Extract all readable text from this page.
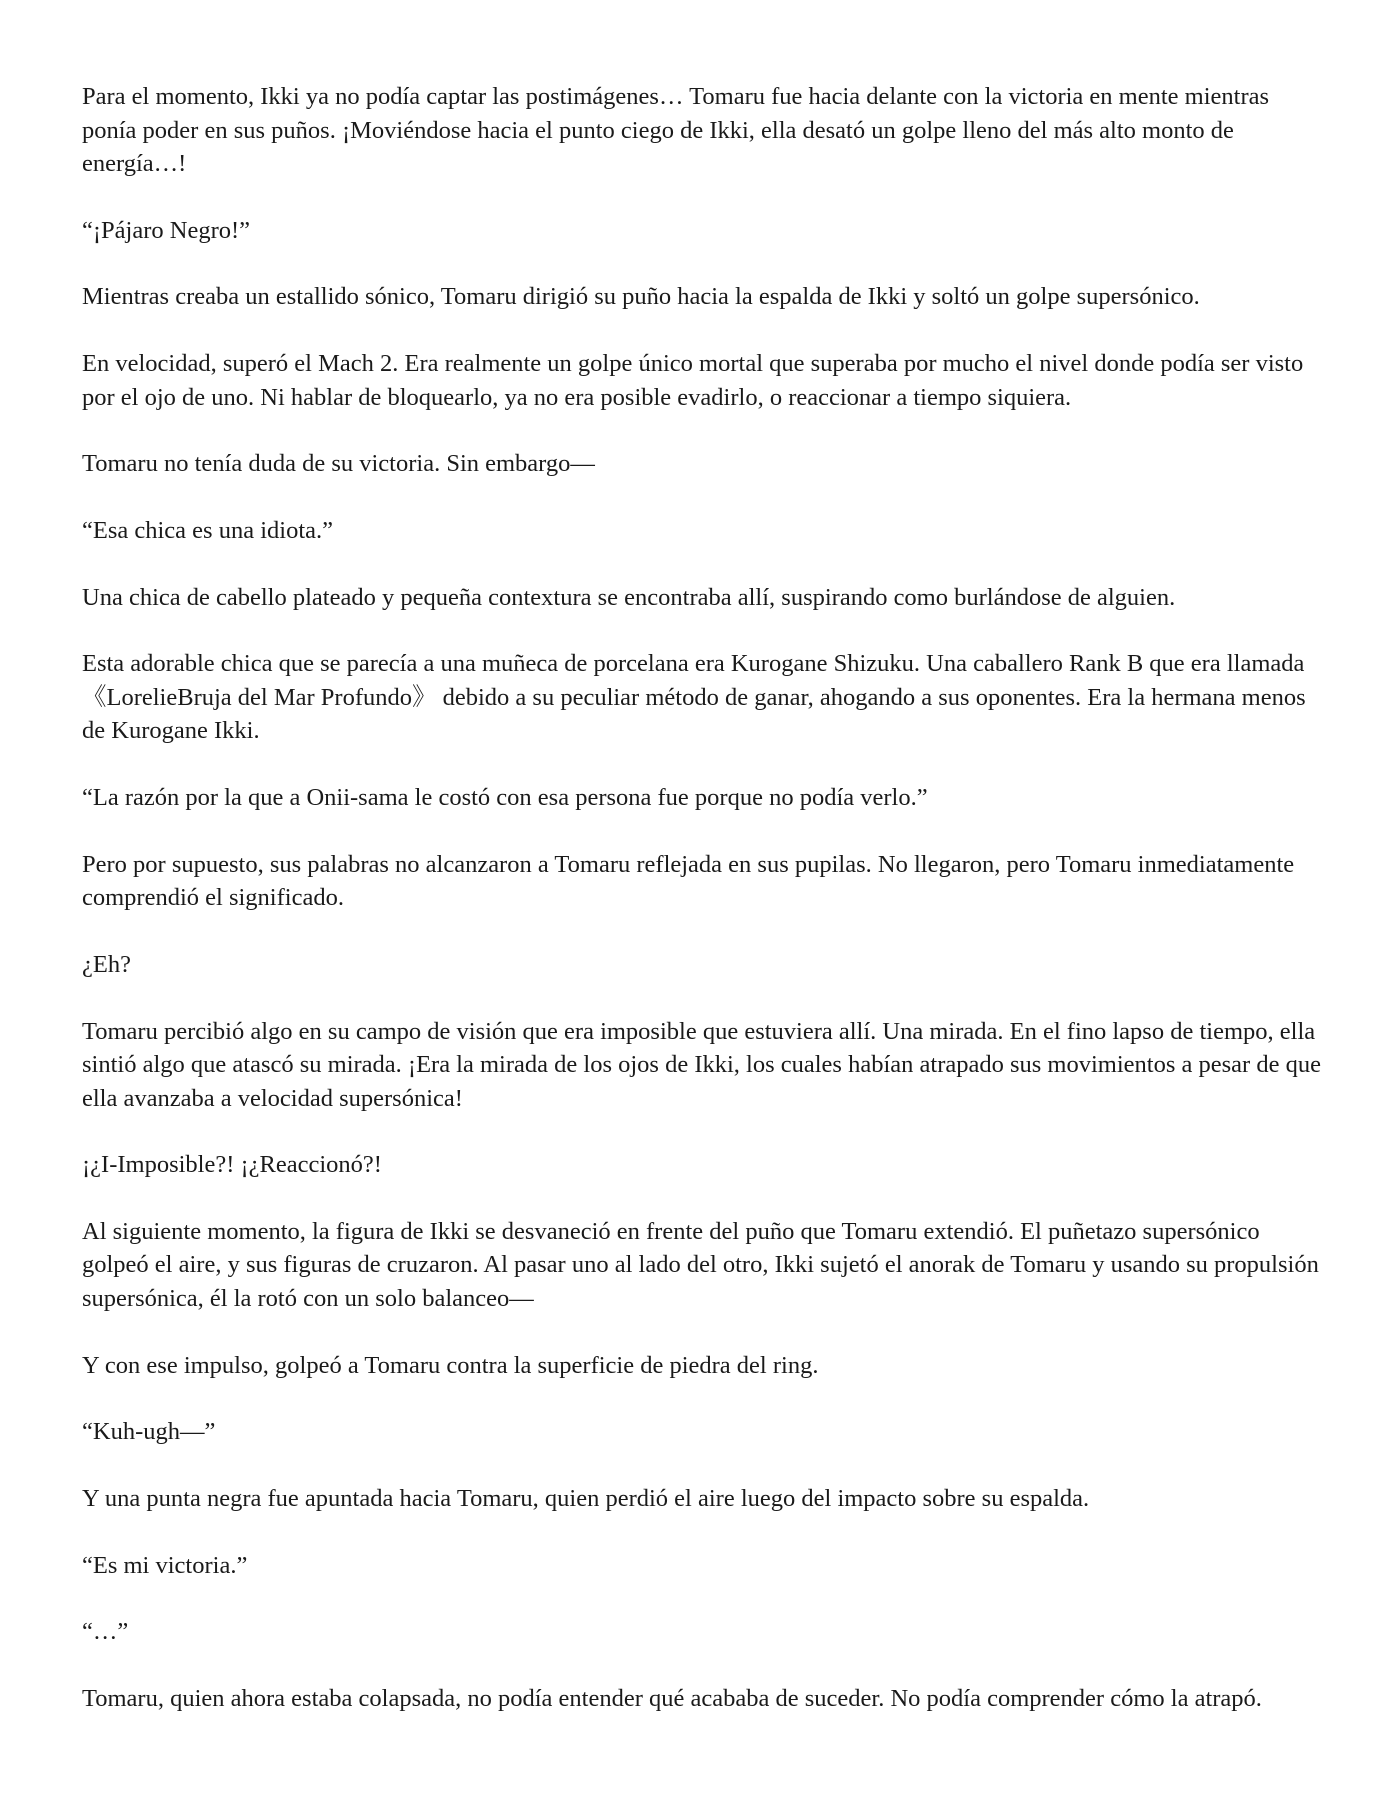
Para el momento, Ikki ya no podía captar las postimágenes… Tomaru fue hacia delante con la victoria en mente mientras ponía poder en sus puños. ¡Moviéndose hacia el punto ciego de Ikki, ella desató un golpe lleno del más alto monto de energía…!

“¡Pájaro Negro!”

Mientras creaba un estallido sónico, Tomaru dirigió su puño hacia la espalda de Ikki y soltó un golpe supersónico.

En velocidad, superó el Mach 2. Era realmente un golpe único mortal que superaba por mucho el nivel donde podía ser visto por el ojo de uno. Ni hablar de bloquearlo, ya no era posible evadirlo, o reaccionar a tiempo siquiera.

Tomaru no tenía duda de su victoria. Sin embargo—

“Esa chica es una idiota.”

Una chica de cabello plateado y pequeña contextura se encontraba allí, suspirando como burlándose de alguien.

Esta adorable chica que se parecía a una muñeca de porcelana era Kurogane Shizuku. Una caballero Rank B que era llamada 《LorelieBruja del Mar Profundo》 debido a su peculiar método de ganar, ahogando a sus oponentes. Era la hermana menos de Kurogane Ikki.

“La razón por la que a Onii-sama le costó con esa persona fue porque no podía verlo.”

Pero por supuesto, sus palabras no alcanzaron a Tomaru reflejada en sus pupilas. No llegaron, pero Tomaru inmediatamente comprendió el significado.

¿Eh?

Tomaru percibió algo en su campo de visión que era imposible que estuviera allí. Una mirada. En el fino lapso de tiempo, ella sintió algo que atascó su mirada. ¡Era la mirada de los ojos de Ikki, los cuales habían atrapado sus movimientos a pesar de que ella avanzaba a velocidad supersónica!

¡¿I-Imposible?! ¡¿Reaccionó?!

Al siguiente momento, la figura de Ikki se desvaneció en frente del puño que Tomaru extendió. El puñetazo supersónico golpeó el aire, y sus figuras de cruzaron. Al pasar uno al lado del otro, Ikki sujetó el anorak de Tomaru y usando su propulsión supersónica, él la rotó con un solo balanceo—

Y con ese impulso, golpeó a Tomaru contra la superficie de piedra del ring.

“Kuh-ugh—”

Y una punta negra fue apuntada hacia Tomaru, quien perdió el aire luego del impacto sobre su espalda.

“Es mi victoria.”

“…”

Tomaru, quien ahora estaba colapsada, no podía entender qué acababa de suceder. No podía comprender cómo la atrapó.
